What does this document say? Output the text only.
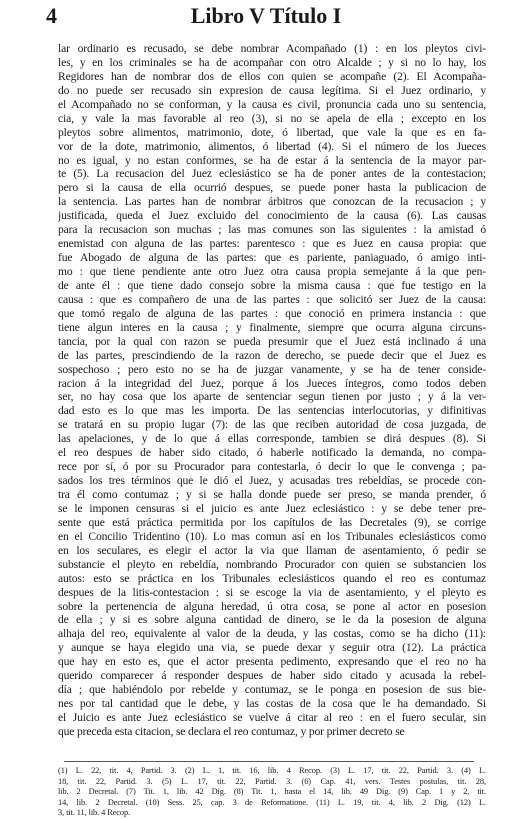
4	Libro V Título I
lar ordinario es recusado, se debe nombrar Acompañado (1) : en los pleytos civi-
les, y en los criminales se ha de acompañar con otro Alcalde ; y si no lo hay, los
Regidores han de nombrar dos de ellos con quien se acompañe (2). El Acompaña-
do no puede ser recusado sin expresion de causa legítima. Si el Juez ordinario, y
el Acompañado no se conforman, y la causa es civil, pronuncia cada uno su sentencia,
cia, y vale la mas favorable al reo (3), si no se apela de ella ; excepto en los
pleytos sobre alimentos, matrimonio, dote, ó libertad, que vale la que es en fa-
vor de la dote, matrimonio, alimentos, ó libertad (4). Si el número de los Jueces
no es igual, y no estan conformes, se ha de estar á la sentencia de la mayor par-
te (5). La recusacion del Juez eclesiástico se ha de poner antes de la contestacion;
pero si la causa de ella ocurrió despues, se puede poner hasta la publicacion de
la sentencia. Las partes han de nombrar árbitros que conozcan de la recusacion ; y
justificada, queda el Juez excluido del conocimiento de la causa (6). Las causas
para la recusacion son muchas ; las mas comunes son las siguientes : la amistad ó
enemistad con alguna de las partes: parentesco : que es Juez en causa propia: que
fue Abogado de alguna de las partes: que es pariente, paniaguado, ó amigo inti-
mo : que tiene pendiente ante otro Juez otra causa propia semejante á la que pen-
de ante él : que tiene dado consejo sobre la misma causa : que fue testigo en la
causa : que es compañero de una de las partes : que solicitó ser Juez de la causa:
que tomó regalo de alguna de las partes : que conoció en primera instancia : que
tiene algun interes en la causa ; y finalmente, siempre que ocurra alguna circuns-
tancia, por la qual con razon se pueda presumir que el Juez está inclinado á una
de las partes, prescindiendo de la razon de derecho, se puede decir que el Juez es
sospechoso ; pero esto no se ha de juzgar vanamente, y se ha de tener conside-
racion á la integridad del Juez, porque á los Jueces íntegros, como todos deben
ser, no hay cosa que los aparte de sentenciar segun tienen por justo ; y á la ver-
dad esto es lo que mas les importa. De las sentencias interlocutorias, y difinitivas
se tratará en su propio lugar (7): de las que reciben autoridad de cosa juzgada, de
las apelaciones, y de lo que á ellas corresponde, tambien se dirá despues (8). Si
el reo despues de haber sido citado, ó haberle notificado la demanda, no compa-
rece por sí, ó por su Procurador para contestarla, ó decir lo que le convenga ; pa-
sados los tres términos que le dió el Juez, y acusadas tres rebeldías, se procede con-
tra él como contumaz ; y si se halla donde puede ser preso, se manda prender, ó
se le imponen censuras si el juicio es ante Juez eclesiástico : y se debe tener pre-
sente que está práctica permitida por los capítulos de las Decretales (9), se corrige
en el Concilio Tridentino (10). Lo mas comun así en los Tribunales eclesiásticos como
en los seculares, es elegir el actor la via que llaman de asentamiento, ó pedir se
substancie el pleyto en rebeldía, nombrando Procurador con quien se substancien los
autos: esto se práctica en los Tribunales eclesiásticos quando el reo es contumaz
despues de la litis-contestacion : si se escoge la via de asentamiento, y el pleyto es
sobre la pertenencia de alguna heredad, ú otra cosa, se pone al actor en posesion
de ella ; y si es sobre alguna cantidad de dinero, se le da la posesion de alguna
alhaja del reo, equivalente al valor de la deuda, y las costas, como se ha dicho (11):
y aunque se haya elegido una via, se puede dexar y seguir otra (12). La práctica
que hay en esto es, que el actor presenta pedimento, expresando que el reo no ha
querido comparecer á responder despues de haber sido citado y acusada la rebel-
día ; que habiéndolo por rebelde y contumaz, se le ponga en posesion de sus bie-
nes por tal cantidad que le debe, y las costas de la cosa que le ha demandado. Si
el Juicio es ante Juez eclesiástico se vuelve á citar al reo : en el fuero secular, sin
que preceda esta citacion, se declara el reo contumaz, y por primer decreto se
(1) L. 22, tit. 4, Partid. 3. (2) L. 1, tit. 16, lib. 4 Recop. (3) L. 17, tit. 22, Partid. 3. (4) L.
18, tit. 22, Partid. 3. (5) L. 17, tit. 22, Partid. 3. (6) Cap. 41, vers. Testes postulas, tit. 28,
lib. 2 Decretal. (7) Tit. 1, lib. 42 Dig. (8) Tit. 1, hasta el 14, lib. 49 Dig. (9) Cap. 1 y 2, tit.
14, lib. 2 Decretal. (10) Sess. 25, cap. 3 de Reformatione. (11) L. 19, tit. 4, lib. 2 Dig. (12) L.
3, tit. 11, lib. 4 Recop.
